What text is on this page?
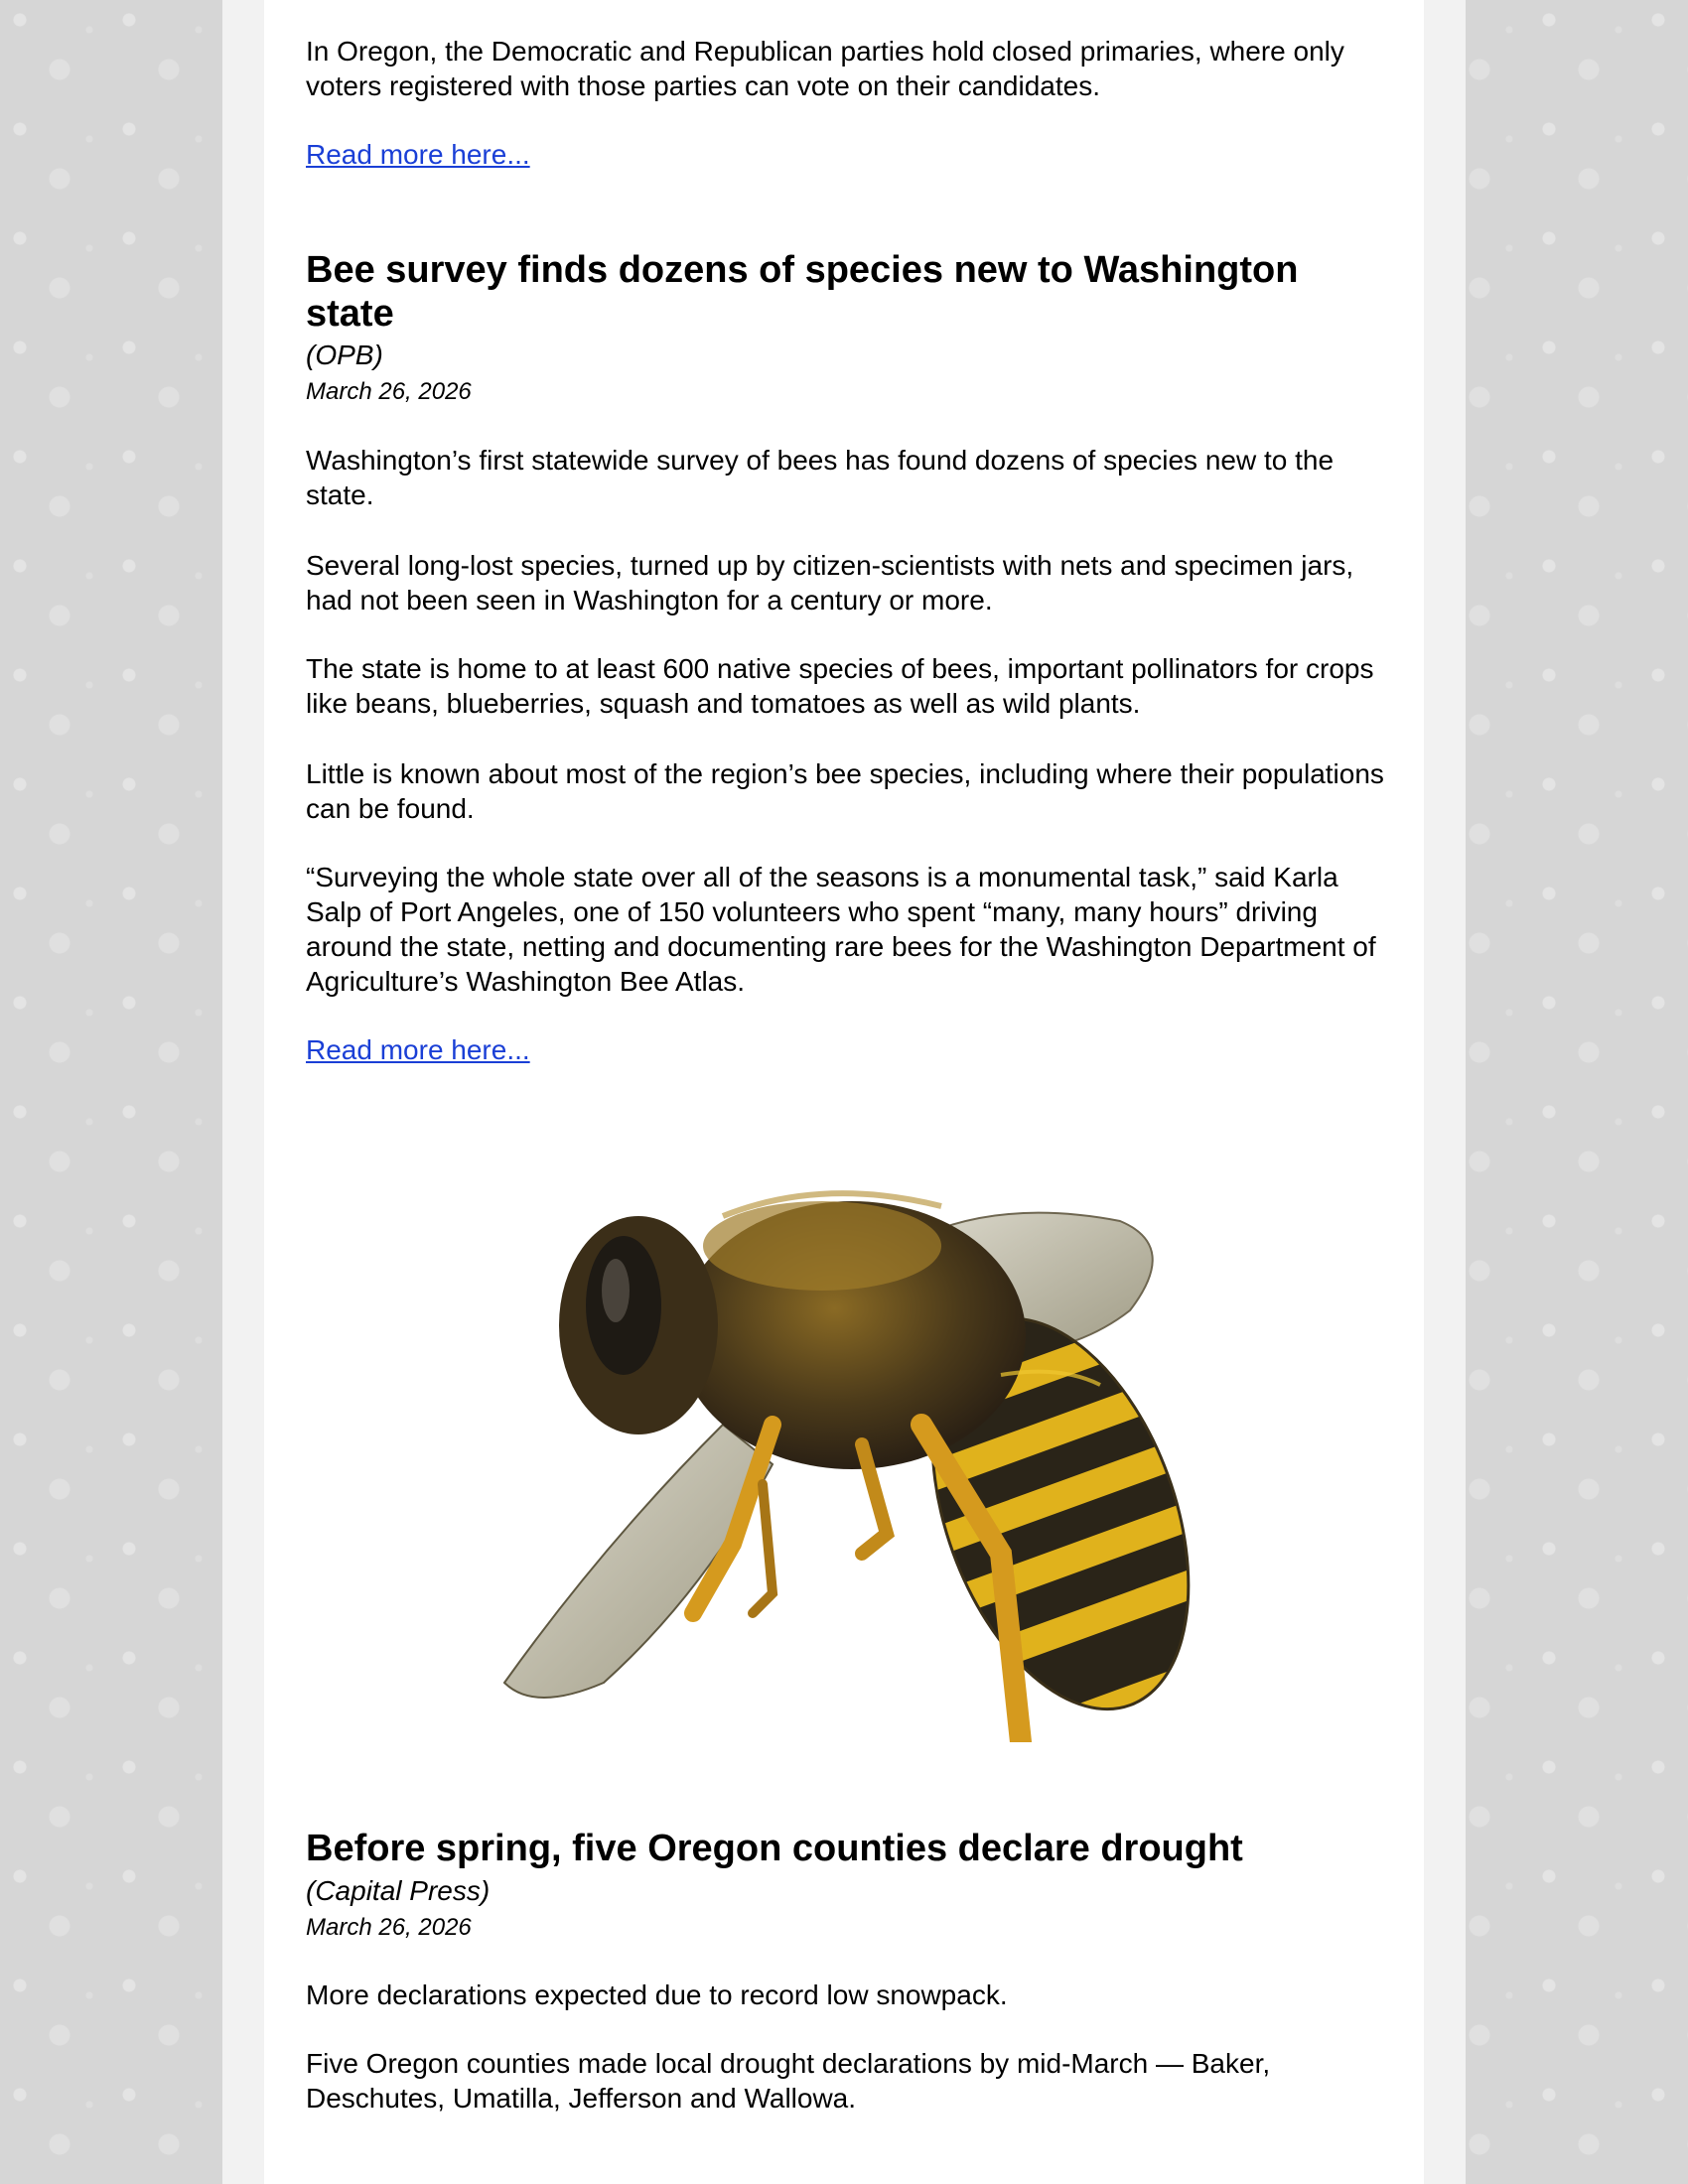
In Oregon, the Democratic and Republican parties hold closed primaries, where only voters registered with those parties can vote on their candidates.

Read more here...
Bee survey finds dozens of species new to Washington state
(OPB)
March 26, 2026

Washington’s first statewide survey of bees has found dozens of species new to the state.

Several long-lost species, turned up by citizen-scientists with nets and specimen jars, had not been seen in Washington for a century or more.

The state is home to at least 600 native species of bees, important pollinators for crops like beans, blueberries, squash and tomatoes as well as wild plants.

Little is known about most of the region’s bee species, including where their populations can be found.

“Surveying the whole state over all of the seasons is a monumental task,” said Karla Salp of Port Angeles, one of 150 volunteers who spent “many, many hours” driving around the state, netting and documenting rare bees for the Washington Department of Agriculture’s Washington Bee Atlas.

Read more here...
Before spring, five Oregon counties declare drought
(Capital Press)
March 26, 2026

More declarations expected due to record low snowpack.

Five Oregon counties made local drought declarations by mid-March — Baker, Deschutes, Umatilla, Jefferson and Wallowa.
